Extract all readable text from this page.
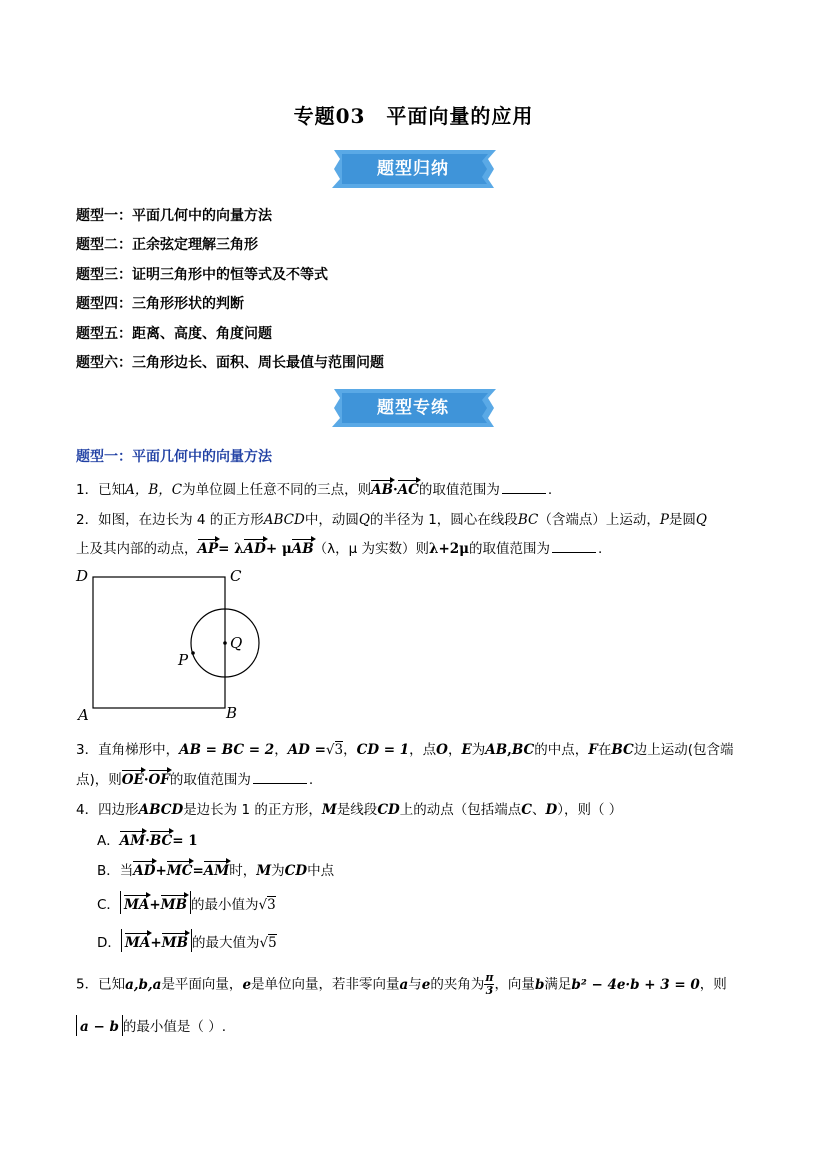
专题03　平面向量的应用
题型归纳
题型一：平面几何中的向量方法
题型二：正余弦定理解三角形
题型三：证明三角形中的恒等式及不等式
题型四：三角形形状的判断
题型五：距离、高度、角度问题
题型六：三角形边长、面积、周长最值与范围问题
题型专练
题型一：平面几何中的向量方法
1．已知A，B，C为单位圆上任意不同的三点，则AB·AC的取值范围为	.
2．如图，在边长为 4 的正方形ABCD中，动圆Q的半径为 1，圆心在线段BC（含端点）上运动，P是圆Q
上及其内部的动点，AP= λAD+ μAB（λ，μ 为实数）则λ+2μ的取值范围为	.
D	C
A	B
P
Q
3．直角梯形中，AB = BC = 2，AD =√3，CD = 1，点O，E为AB,BC的中点，F在BC边上运动(包含端
点)，则OE·OF的取值范围为	.
4．四边形ABCD是边长为 1 的正方形，M是线段CD上的动点（包括端点C、D），则（ ）
A．AM·BC= 1
B．当AD+MC=AM时，M为CD中点
C． MA+MB 的最小值为√3
D． MA+MB 的最大值为√5
5．已知a,b,a是平面向量，e是单位向量，若非零向量a与e的夹角为 $\frac{\pi}{3}$ ，向量b满足b² − 4e·b + 3 = 0，则
a − b 的最小值是（ ）.
